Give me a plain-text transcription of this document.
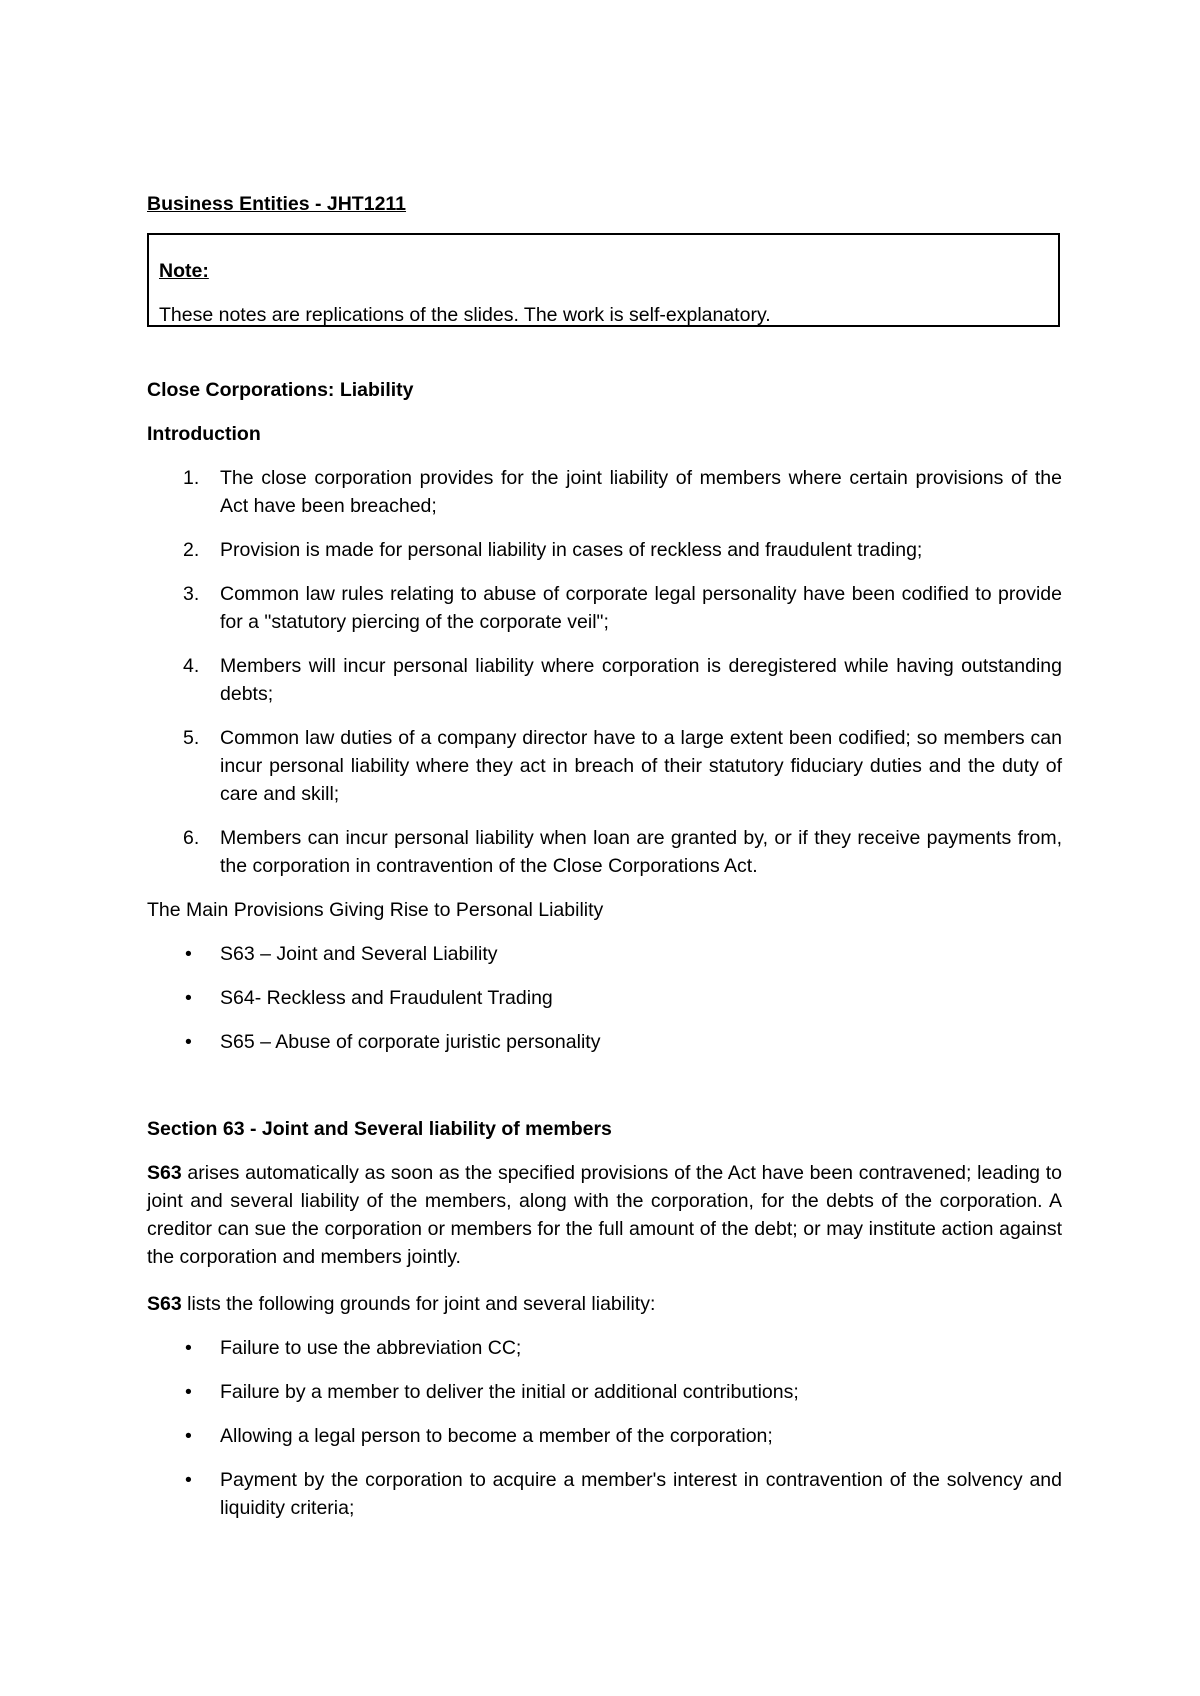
Business Entities - JHT1211
Note:
These notes are replications of the slides. The work is self-explanatory.
Close Corporations: Liability
Introduction
1. The close corporation provides for the joint liability of members where certain provisions of the Act have been breached;
2. Provision is made for personal liability in cases of reckless and fraudulent trading;
3. Common law rules relating to abuse of corporate legal personality have been codified to provide for a "statutory piercing of the corporate veil";
4. Members will incur personal liability where corporation is deregistered while having outstanding debts;
5. Common law duties of a company director have to a large extent been codified; so members can incur personal liability where they act in breach of their statutory fiduciary duties and the duty of care and skill;
6. Members can incur personal liability when loan are granted by, or if they receive payments from, the corporation in contravention of the Close Corporations Act.
The Main Provisions Giving Rise to Personal Liability
• S63 – Joint and Several Liability
• S64- Reckless and Fraudulent Trading
• S65 – Abuse of corporate juristic personality
Section 63 - Joint and Several liability of members
S63 arises automatically as soon as the specified provisions of the Act have been contravened; leading to joint and several liability of the members, along with the corporation, for the debts of the corporation. A creditor can sue the corporation or members for the full amount of the debt; or may institute action against the corporation and members jointly.
S63 lists the following grounds for joint and several liability:
• Failure to use the abbreviation CC;
• Failure by a member to deliver the initial or additional contributions;
• Allowing a legal person to become a member of the corporation;
• Payment by the corporation to acquire a member's interest in contravention of the solvency and liquidity criteria;
